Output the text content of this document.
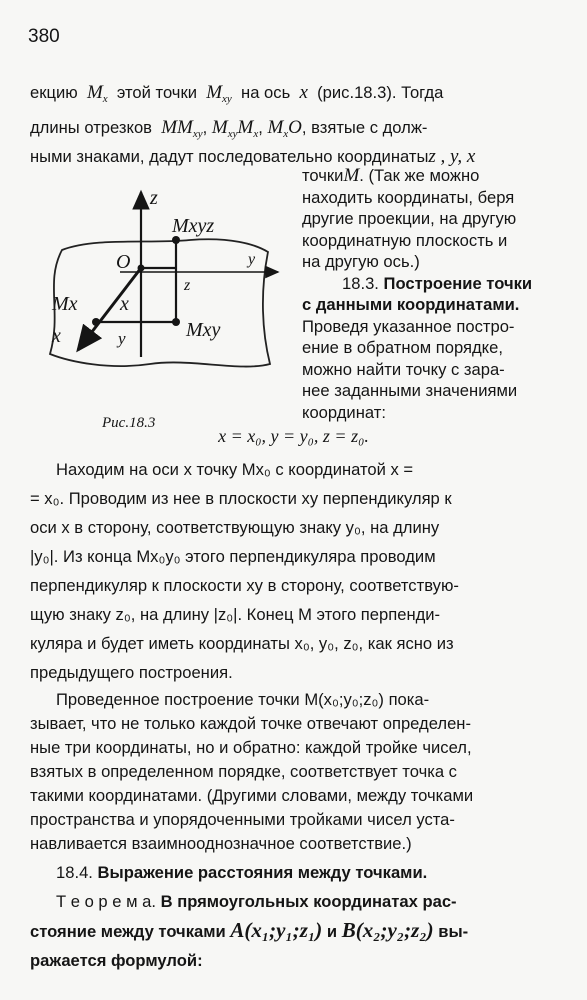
380

екцию $M_x$ этой точки $M_{xy}$ на ось x (рис.18.3). Тогда

длины отрезков $MM_{xy}$, $M_{xy}M_x$, $M_xO$, взятые с долж-

ными знаками, дадут последовательно координатыz , y, x

z
Mxyz
O	y
z
Mx x
x	y	Mxy
Рис.18.3
точкиM. (Так же можно
находить координаты, беря
другие проекции, на другую
координатную плоскость и
на другую ось.)
18.3. Построение точки
с данными координатами.
Проведя указанное постро-
ение в обратном порядке,
можно найти точку с зара-
нее заданными значениями
координат:
x = x₀, y = y₀, z = z₀.
Находим на оси x точку Mx₀ с координатой x =
= x₀. Проводим из нее в плоскости xy перпендикуляр к
оси x в сторону, соответствующую знаку y₀, на длину
|y₀|. Из конца Mx₀y₀ этого перпендикуляра проводим
перпендикуляр к плоскости xy в сторону, соответствую-
щую знаку z₀, на длину |z₀|. Конец M этого перпенди-
куляра и будет иметь координаты x₀, y₀, z₀, как ясно из
предыдущего построения.
Проведенное построение точки M(x₀;y₀;z₀) пока-
зывает, что не только каждой точке отвечают определен-
ные три координаты, но и обратно: каждой тройке чисел,
взятых в определенном порядке, соответствует точка с
такими координатами. (Другими словами, между точками
пространства и упорядоченными тройками чисел уста-
навливается взаимнооднозначное соответствие.)
18.4. Выражение расстояния между точками.
Т е о р е м а. В прямоугольных координатах рас-
стояние между точками A(x₁;y₁;z₁) и B(x₂;y₂;z₂) вы-
ражается формулой:
